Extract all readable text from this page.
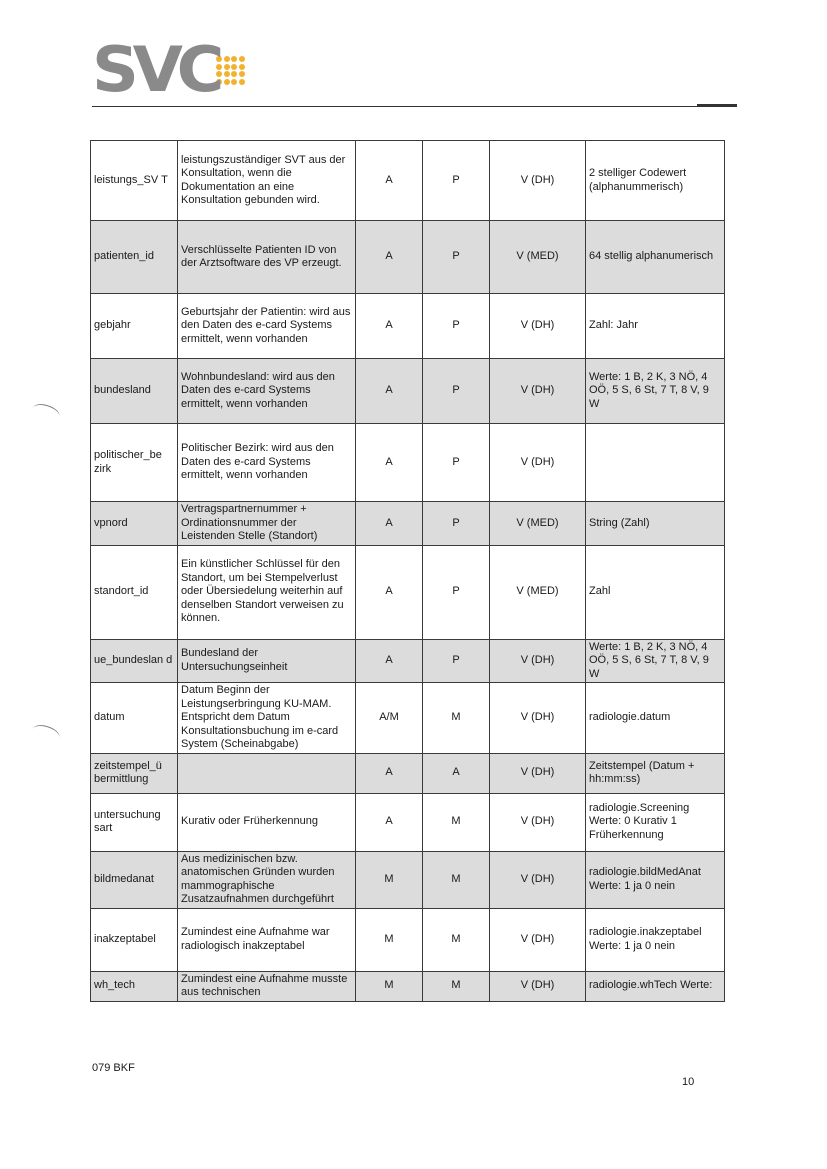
SVC
leistungs_SV T	leistungszuständiger SVT aus der Konsultation, wenn die Dokumentation an eine Konsultation gebunden wird.	A	P	V (DH)	2 stelliger Codewert (alphanummerisch)
patienten_id	Verschlüsselte Patienten ID von der Arztsoftware des VP erzeugt.	A	P	V (MED)	64 stellig alphanumerisch
gebjahr	Geburtsjahr der Patientin: wird aus den Daten des e-card Systems ermittelt, wenn vorhanden	A	P	V (DH)	Zahl: Jahr
bundesland	Wohnbundesland: wird aus den Daten des e-card Systems ermittelt, wenn vorhanden	A	P	V (DH)	Werte: 1 B, 2 K, 3 NÖ, 4 OÖ, 5 S, 6 St, 7 T, 8 V, 9 W
politischer_be zirk	Politischer Bezirk: wird aus den Daten des e-card Systems ermittelt, wenn vorhanden	A	P	V (DH)	
vpnord	Vertragspartnernummer + Ordinationsnummer der Leistenden Stelle (Standort)	A	P	V (MED)	String (Zahl)
standort_id	Ein künstlicher Schlüssel für den Standort, um bei Stempelverlust oder Übersiedelung weiterhin auf denselben Standort verweisen zu können.	A	P	V (MED)	Zahl
ue_bundeslan d	Bundesland der Untersuchungseinheit	A	P	V (DH)	Werte: 1 B, 2 K, 3 NÖ, 4 OÖ, 5 S, 6 St, 7 T, 8 V, 9 W
datum	Datum Beginn der Leistungserbringung KU-MAM. Entspricht dem Datum Konsultationsbuchung im e-card System (Scheinabgabe)	A/M	M	V (DH)	radiologie.datum
zeitstempel_ü bermittlung		A	A	V (DH)	Zeitstempel (Datum + hh:mm:ss)
untersuchung sart	Kurativ oder Früherkennung	A	M	V (DH)	radiologie.Screening Werte: 0 Kurativ 1 Früherkennung
bildmedanat	Aus medizinischen bzw. anatomischen Gründen wurden mammographische Zusatzaufnahmen durchgeführt	M	M	V (DH)	radiologie.bildMedAnat Werte: 1 ja 0 nein
inakzeptabel	Zumindest eine Aufnahme war radiologisch inakzeptabel	M	M	V (DH)	radiologie.inakzeptabel Werte: 1 ja 0 nein
wh_tech	Zumindest eine Aufnahme musste aus technischen	M	M	V (DH)	radiologie.whTech Werte:
079 BKF
10
